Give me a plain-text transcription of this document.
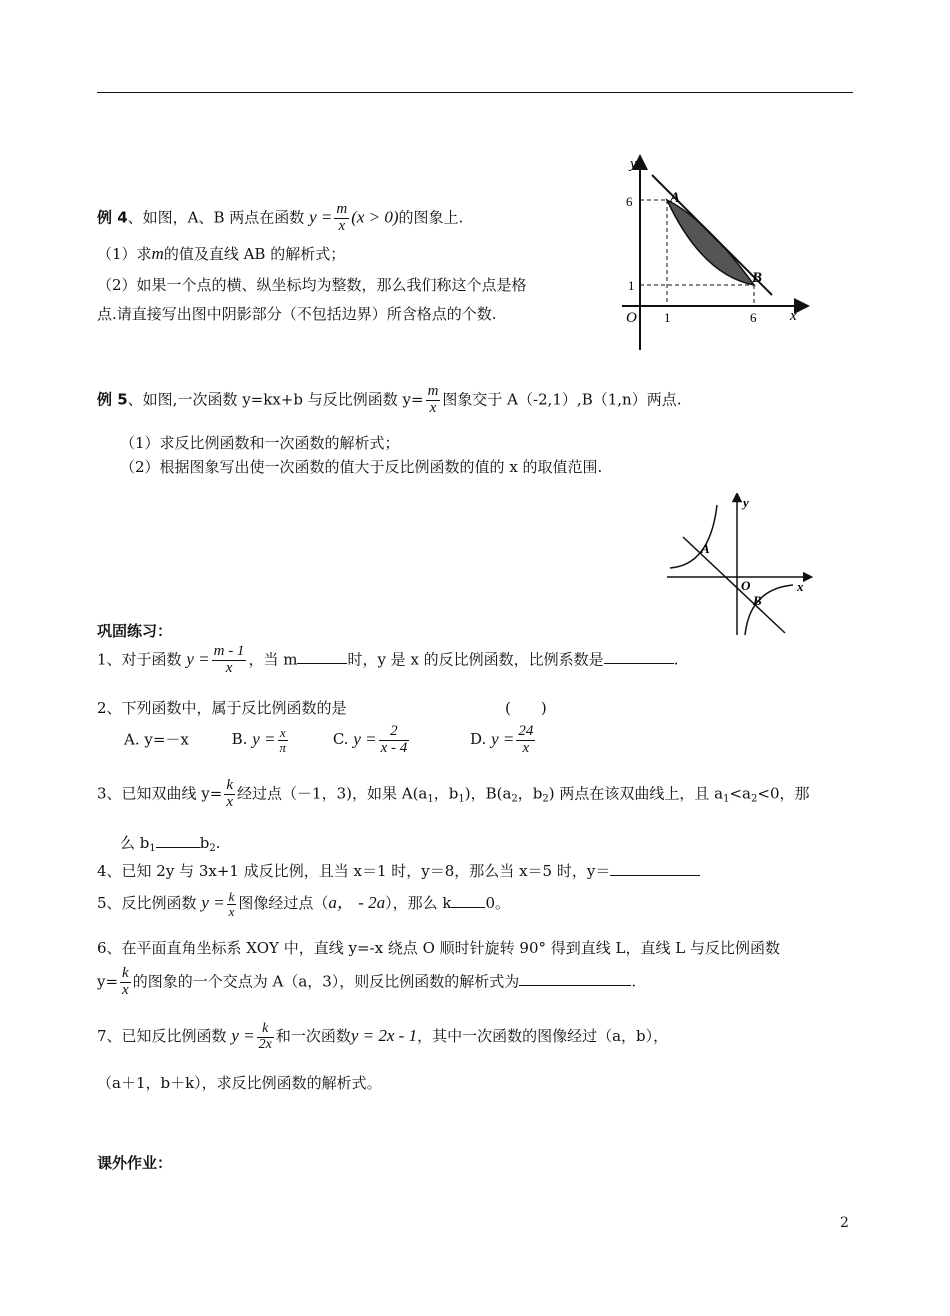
例 4、如图，A、B 两点在函数 $y = \frac{m}{x} (x > 0)$的图象上.
（1）求m的值及直线 AB 的解析式；
（2）如果一个点的横、纵坐标均为整数，那么我们称这个点是格
点.请直接写出图中阴影部分（不包括边界）所含格点的个数.
y
x
A
B
O
6
1
1	6
例 5、如图,一次函数 y=kx+b 与反比例函数 $y= \frac{m}{x}$ 图象交于 A（-2,1）,B（1,n）两点.
（1）求反比例函数和一次函数的解析式；
（2）根据图象写出使一次函数的值大于反比例函数的值的 x 的取值范围.
A
B
O
y
x
巩固练习：
1、对于函数 $y = \frac{m - 1}{x}$ ，当 m	时，y 是 x 的反比例函数，比例系数是	.
2、下列函数中，属于反比例函数的是	(　　)
A. y=－x	B. $y = \frac{x}{\pi}$	C. $y = \frac{2}{x - 4}$	D. $y = \frac{24}{x}$
3、已知双曲线 $y= \frac{k}{x}$ 经过点（－1，3)，如果 $A(a_1$，$b_1$)，$B(a_2$，$b_2$) 两点在该双曲线上，且 $a_1<a_2<0$，那
么 $b_1$	$b_2$.
4、已知 2y 与 3x+1 成反比例，且当 x＝1 时，y＝8，那么当 x＝5 时，y＝
5、反比例函数 $y = \frac{k}{x}$ 图像经过点（a， - 2a），那么 k 0。
6、在平面直角坐标系 XOY 中，直线 y=-x 绕点 O 顺时针旋转 90° 得到直线 L，直线 L 与反比例函数
$y= \frac{k}{x}$ 的图象的一个交点为 A（a，3），则反比例函数的解析式为	.
7、已知反比例函数 $y = \frac{k}{2x}$ 和一次函数y = 2x - 1，其中一次函数的图像经过（a，b），
（a＋1，b＋k），求反比例函数的解析式。
课外作业：
2
